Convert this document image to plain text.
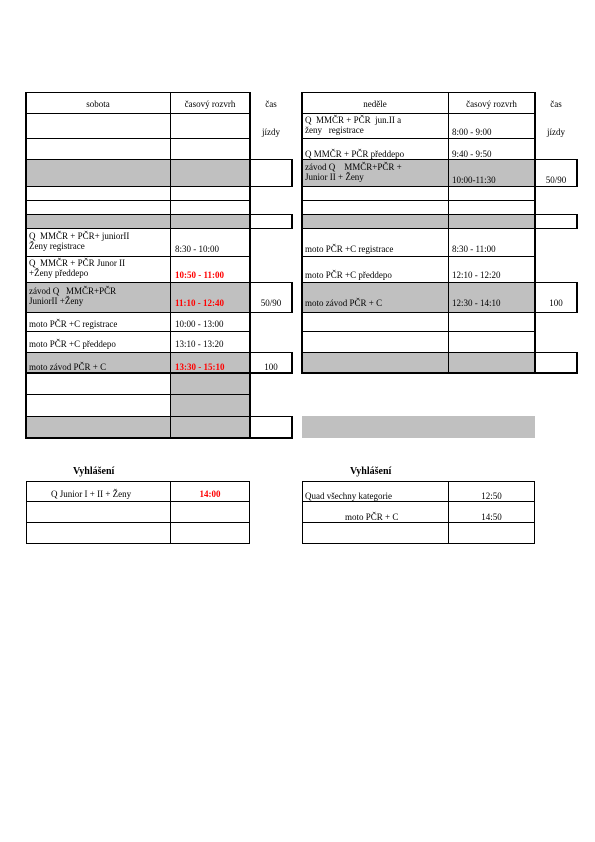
sobota	časový rozvrh	čas
jízdy
Q  MMČR + PČR+ juniorII
Ženy registrace	8:30 - 10:00
Q  MMČR + PČR Junor II
+Ženy předdepo	10:50 - 11:00
závod Q   MMČR+PČR
JuniorII +Ženy	11:10 - 12:40	50/90
moto PČR +C registrace	10:00 - 13:00
moto PČR +C předdepo	13:10 - 13:20
moto závod PČR + C	13:30 - 15:10	100
neděle	časový rozvrh	čas
jízdy
Q  MMČR + PČR  jun.II a
ženy   registrace	8:00 - 9:00
Q MMČR + PČR předdepo	9:40 - 9:50
závod Q    MMČR+PČR +
Junior II + Ženy	10:00-11:30	50/90
moto PČR +C registrace	8:30 - 11:00
moto PČR +C předdepo	12:10 - 12:20
moto závod PČR + C	12:30 - 14:10	100
Vyhlášení
Q Junior I + II + Ženy	14:00
Vyhlášení
Quad všechny kategorie	12:50
moto PČR + C	14:50
